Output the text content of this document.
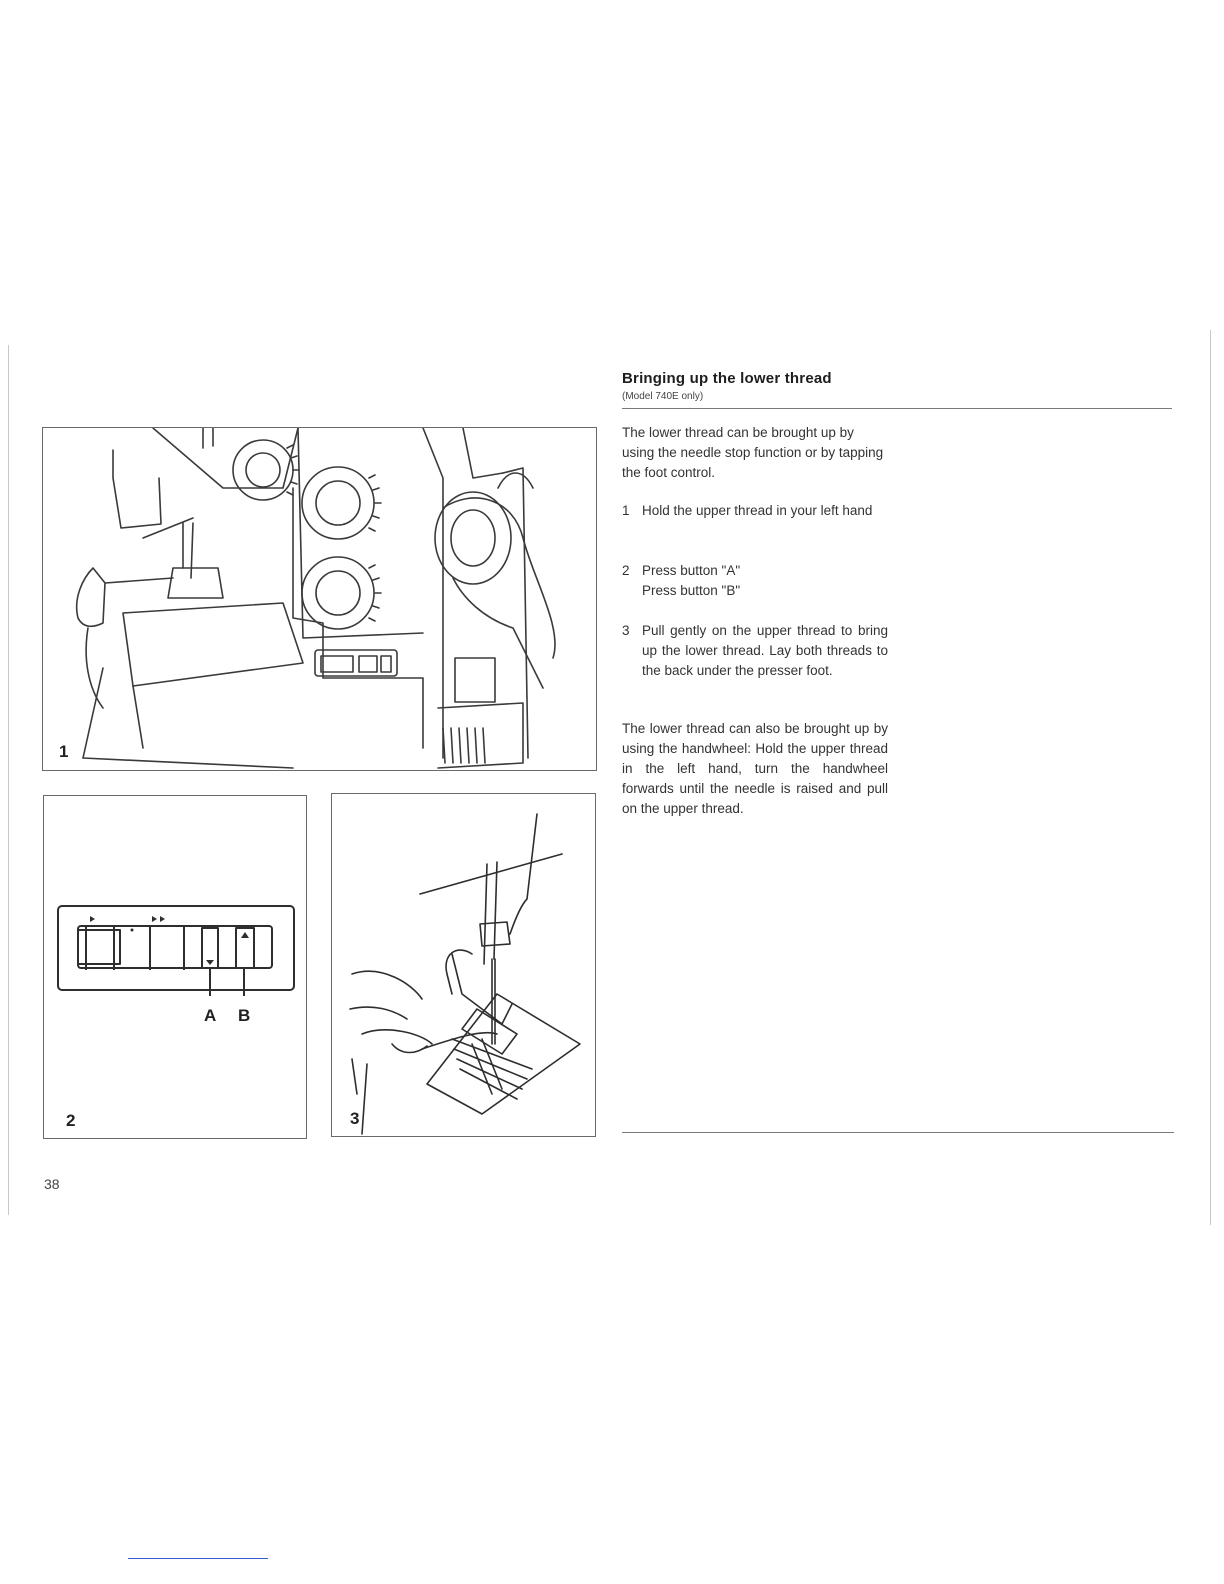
1
A B
2	3
Bringing up the lower thread
(Model 740E only)
The lower thread can be brought up by using the needle stop function or by tapping the foot control.
1 Hold the upper thread in your left hand
2 Press button "A"
Press button "B"
3 Pull gently on the upper thread to bring up the lower thread. Lay both threads to the back under the presser foot.
The lower thread can also be brought up by using the handwheel: Hold the upper thread in the left hand, turn the handwheel forwards until the needle is raised and pull on the upper thread.
38
